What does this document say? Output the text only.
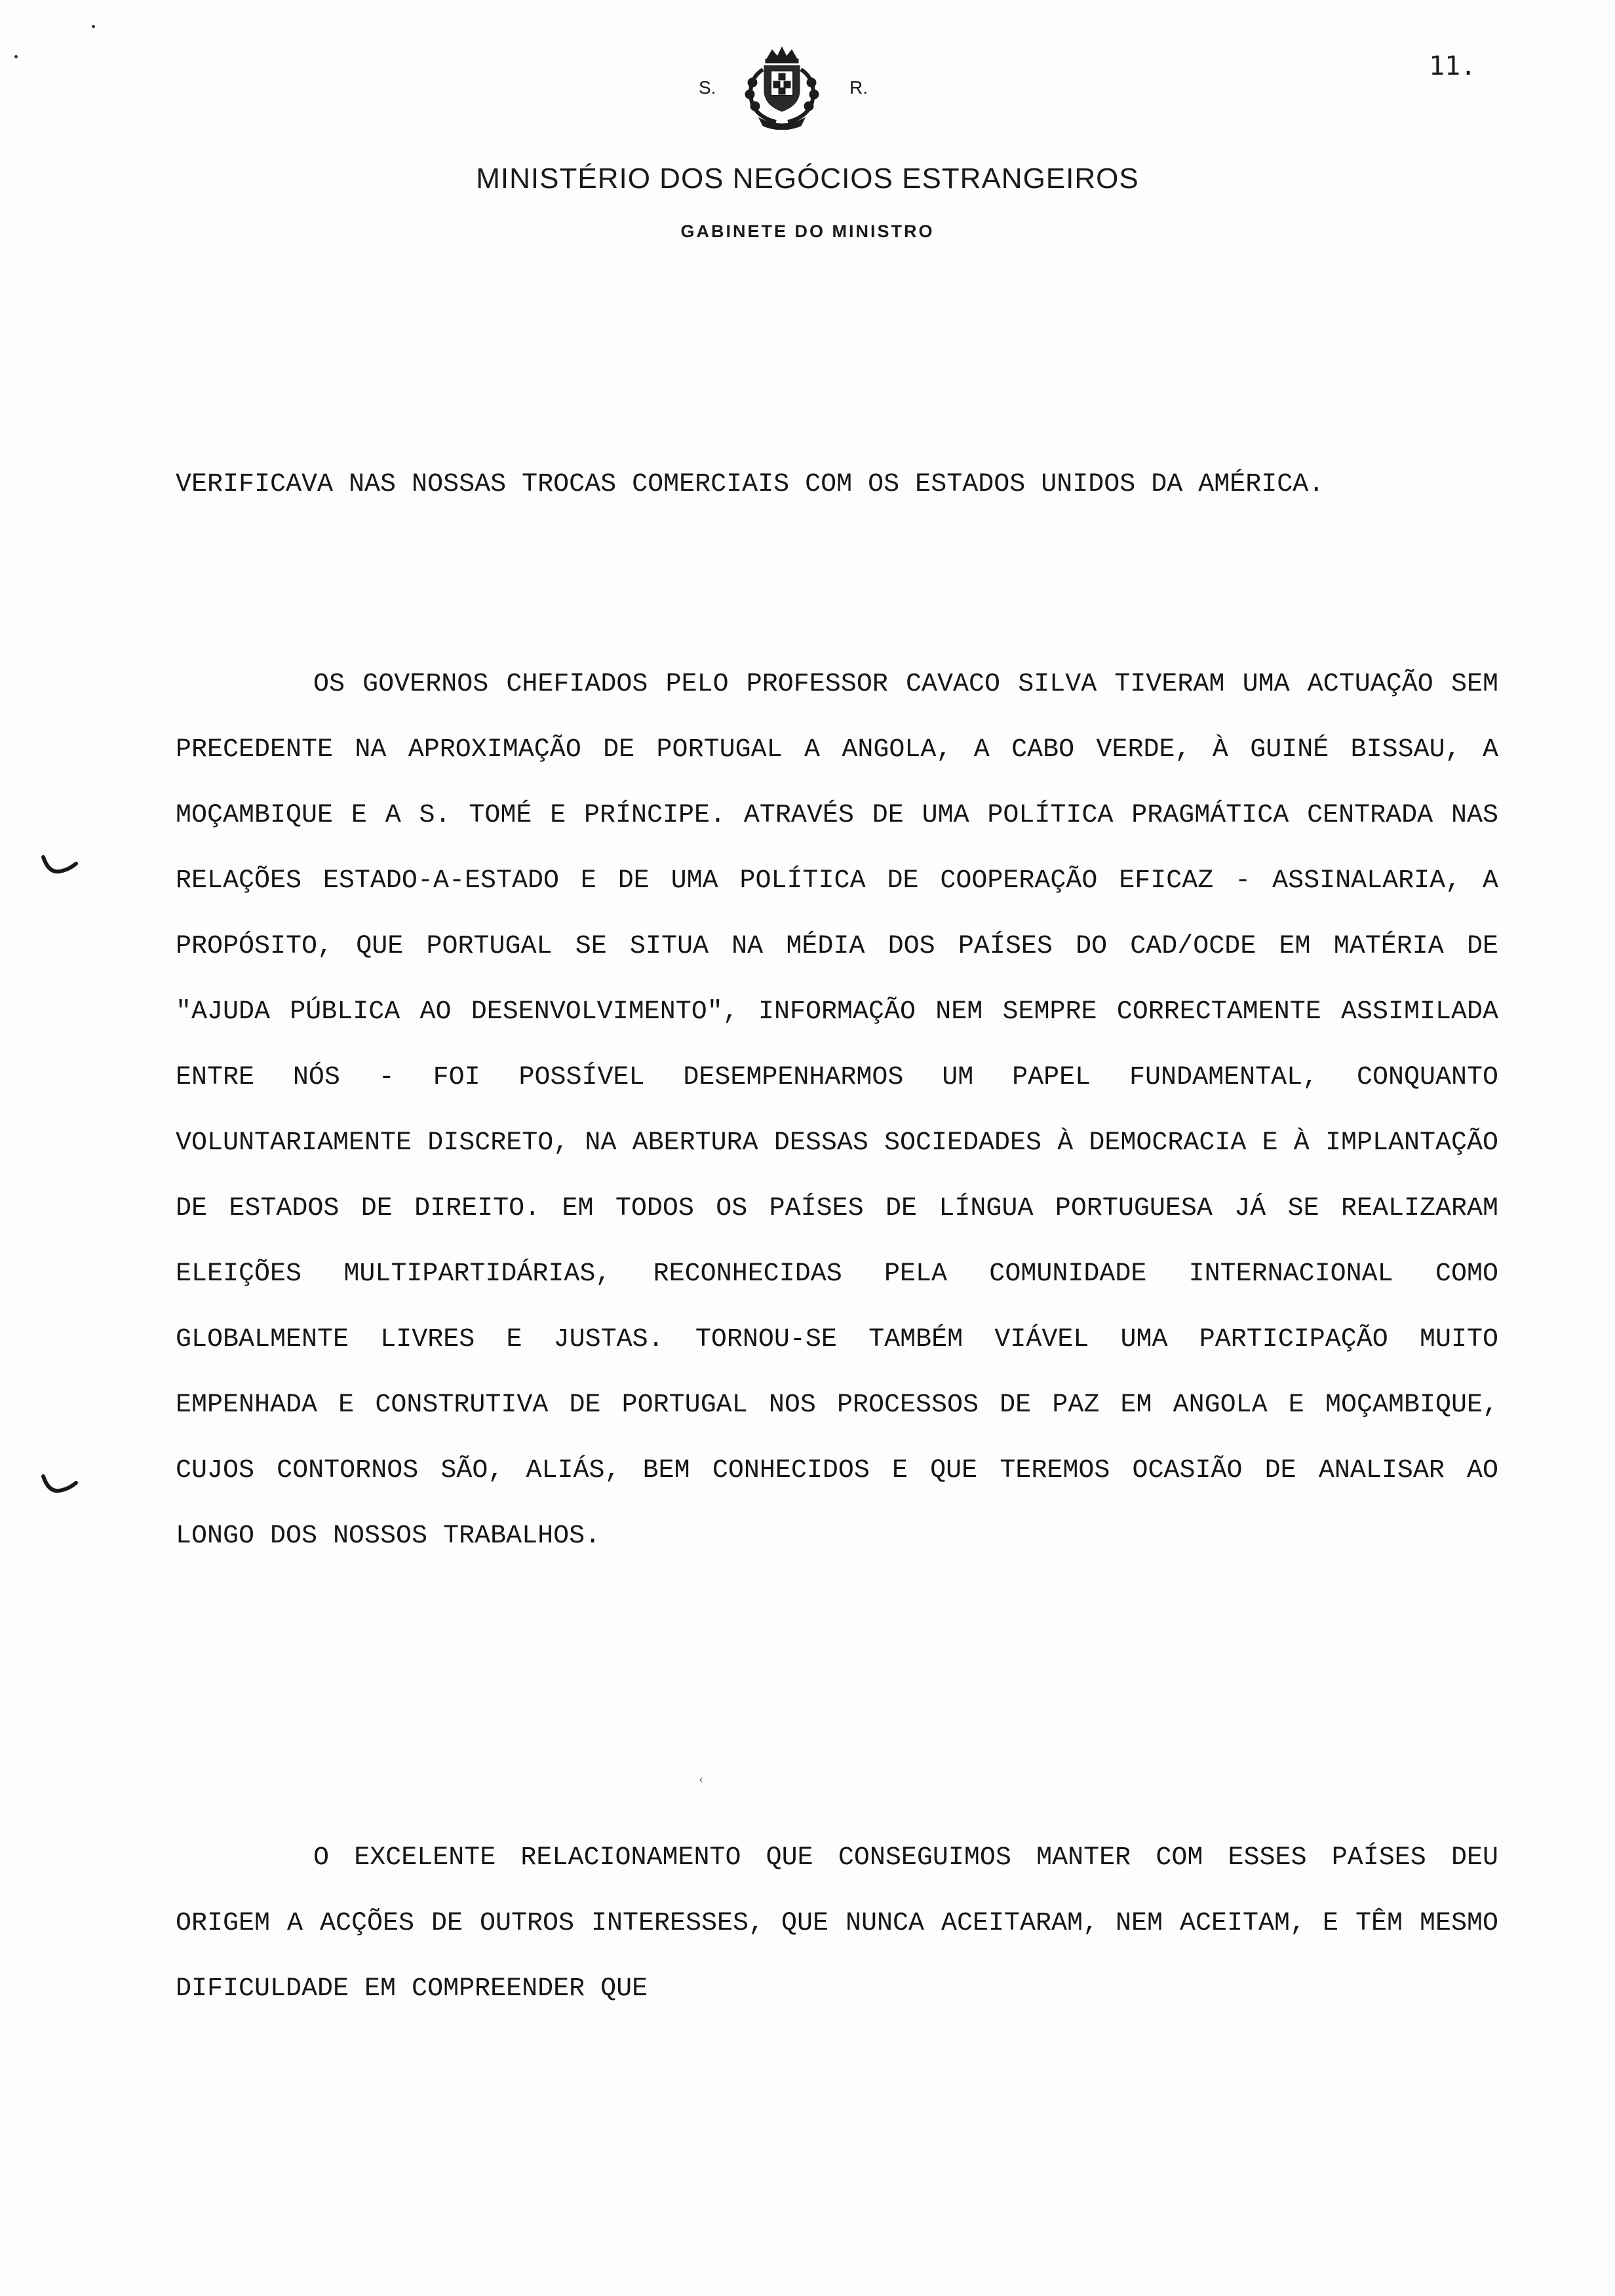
11.
S.	R.
MINISTÉRIO DOS NEGÓCIOS ESTRANGEIROS
GABINETE DO MINISTRO

VERIFICAVA NAS NOSSAS TROCAS COMERCIAIS COM OS ESTADOS UNIDOS DA AMÉRICA.

OS GOVERNOS CHEFIADOS PELO PROFESSOR CAVACO SILVA TIVERAM UMA ACTUAÇÃO SEM PRECEDENTE NA APROXIMAÇÃO DE PORTUGAL A ANGOLA, A CABO VERDE, À GUINÉ BISSAU, A MOÇAMBIQUE E A S. TOMÉ E PRÍNCIPE. ATRAVÉS DE UMA POLÍTICA PRAGMÁTICA CENTRADA NAS RELAÇÕES ESTADO-A-ESTADO E DE UMA POLÍTICA DE COOPERAÇÃO EFICAZ - ASSINALARIA, A PROPÓSITO, QUE PORTUGAL SE SITUA NA MÉDIA DOS PAÍSES DO CAD/OCDE EM MATÉRIA DE "AJUDA PÚBLICA AO DESENVOLVIMENTO", INFORMAÇÃO NEM SEMPRE CORRECTAMENTE ASSIMILADA ENTRE NÓS - FOI POSSÍVEL DESEMPENHARMOS UM PAPEL FUNDAMENTAL, CONQUANTO VOLUNTARIAMENTE DISCRETO, NA ABERTURA DESSAS SOCIEDADES À DEMOCRACIA E À IMPLANTAÇÃO DE ESTADOS DE DIREITO. EM TODOS OS PAÍSES DE LÍNGUA PORTUGUESA JÁ SE REALIZARAM ELEIÇÕES MULTIPARTIDÁRIAS, RECONHECIDAS PELA COMUNIDADE INTERNACIONAL COMO GLOBALMENTE LIVRES E JUSTAS. TORNOU-SE TAMBÉM VIÁVEL UMA PARTICIPAÇÃO MUITO EMPENHADA E CONSTRUTIVA DE PORTUGAL NOS PROCESSOS DE PAZ EM ANGOLA E MOÇAMBIQUE, CUJOS CONTORNOS SÃO, ALIÁS, BEM CONHECIDOS E QUE TEREMOS OCASIÃO DE ANALISAR AO LONGO DOS NOSSOS TRABALHOS.

‹

O EXCELENTE RELACIONAMENTO QUE CONSEGUIMOS MANTER COM ESSES PAÍSES DEU ORIGEM A ACÇÕES DE OUTROS INTERESSES, QUE NUNCA ACEITARAM, NEM ACEITAM, E TÊM MESMO DIFICULDADE EM COMPREENDER QUE
